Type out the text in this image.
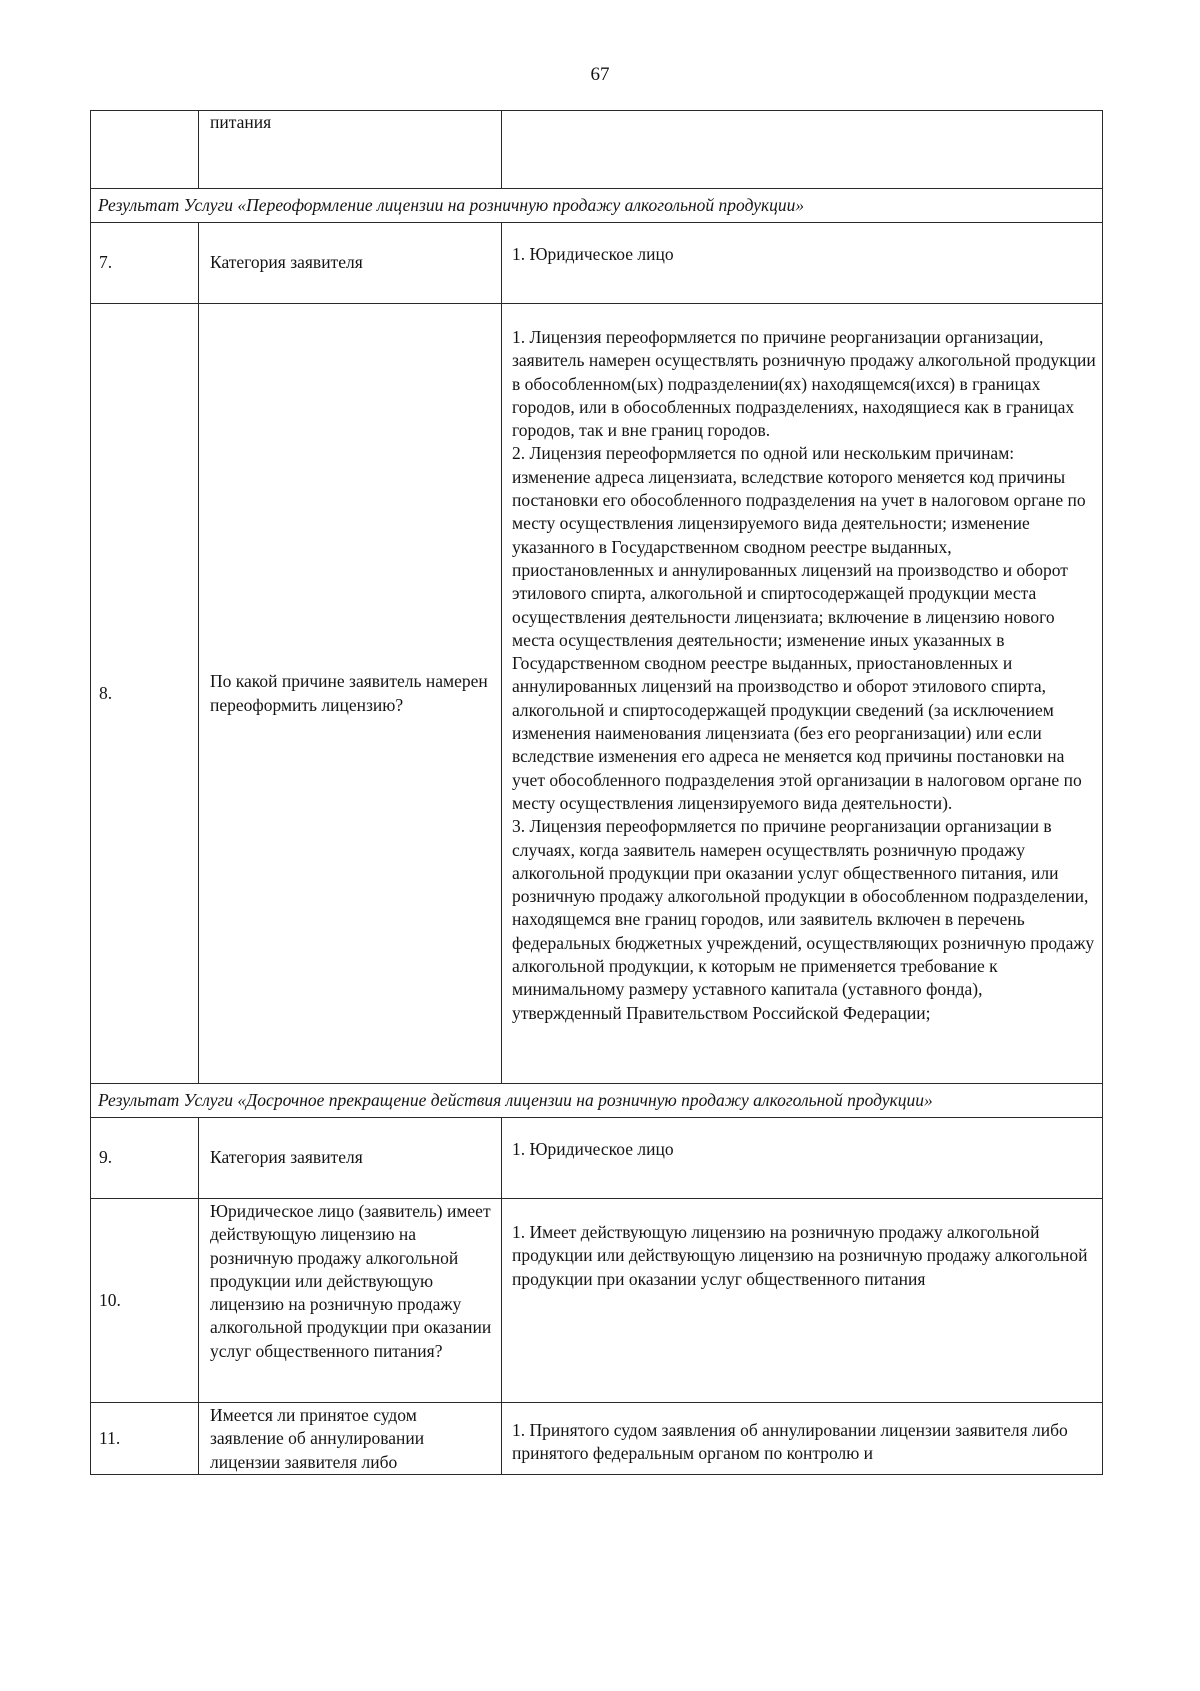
67
	питания	
Результат Услуги «Переоформление лицензии на розничную продажу алкогольной продукции»		
7.	Категория заявителя	1. Юридическое лицо
8.	По какой причине заявитель намерен переоформить лицензию?	1. Лицензия переоформляется по причине реорганизации организации, заявитель намерен осуществлять розничную продажу алкогольной продукции в обособленном(ых) подразделении(ях) находящемся(ихся) в границах городов, или в обособленных подразделениях, находящиеся как в границах городов, так и вне границ городов.
2. Лицензия переоформляется по одной или нескольким причинам: изменение адреса лицензиата, вследствие которого меняется код причины постановки его обособленного подразделения на учет в налоговом органе по месту осуществления лицензируемого вида деятельности; изменение указанного в Государственном сводном реестре выданных, приостановленных и аннулированных лицензий на производство и оборот этилового спирта, алкогольной и спиртосодержащей продукции места осуществления деятельности лицензиата; включение в лицензию нового места осуществления деятельности; изменение иных указанных в Государственном сводном реестре выданных, приостановленных и аннулированных лицензий на производство и оборот этилового спирта, алкогольной и спиртосодержащей продукции сведений (за исключением изменения наименования лицензиата (без его реорганизации) или если вследствие изменения его адреса не меняется код причины постановки на учет обособленного подразделения этой организации в налоговом органе по месту осуществления лицензируемого вида деятельности).
3. Лицензия переоформляется по причине реорганизации организации в случаях, когда заявитель намерен осуществлять розничную продажу алкогольной продукции при оказании услуг общественного питания, или розничную продажу алкогольной продукции в обособленном подразделении, находящемся вне границ городов, или заявитель включен в перечень федеральных бюджетных учреждений, осуществляющих розничную продажу алкогольной продукции, к которым не применяется требование к минимальному размеру уставного капитала (уставного фонда), утвержденный Правительством Российской Федерации;

Результат Услуги «Досрочное прекращение действия лицензии на розничную продажу алкогольной продукции»		
9.	Категория заявителя	1. Юридическое лицо
10.	Юридическое лицо (заявитель) имеет действующую лицензию на розничную продажу алкогольной продукции или действующую лицензию на розничную продажу алкогольной продукции при оказании услуг общественного питания?	1. Имеет действующую лицензию на розничную продажу алкогольной продукции или действующую лицензию на розничную продажу алкогольной продукции при оказании услуг общественного питания
11.	Имеется ли принятое судом заявление об аннулировании лицензии заявителя либо	1. Принятого судом заявления об аннулировании лицензии заявителя либо принятого федеральным органом по контролю и
